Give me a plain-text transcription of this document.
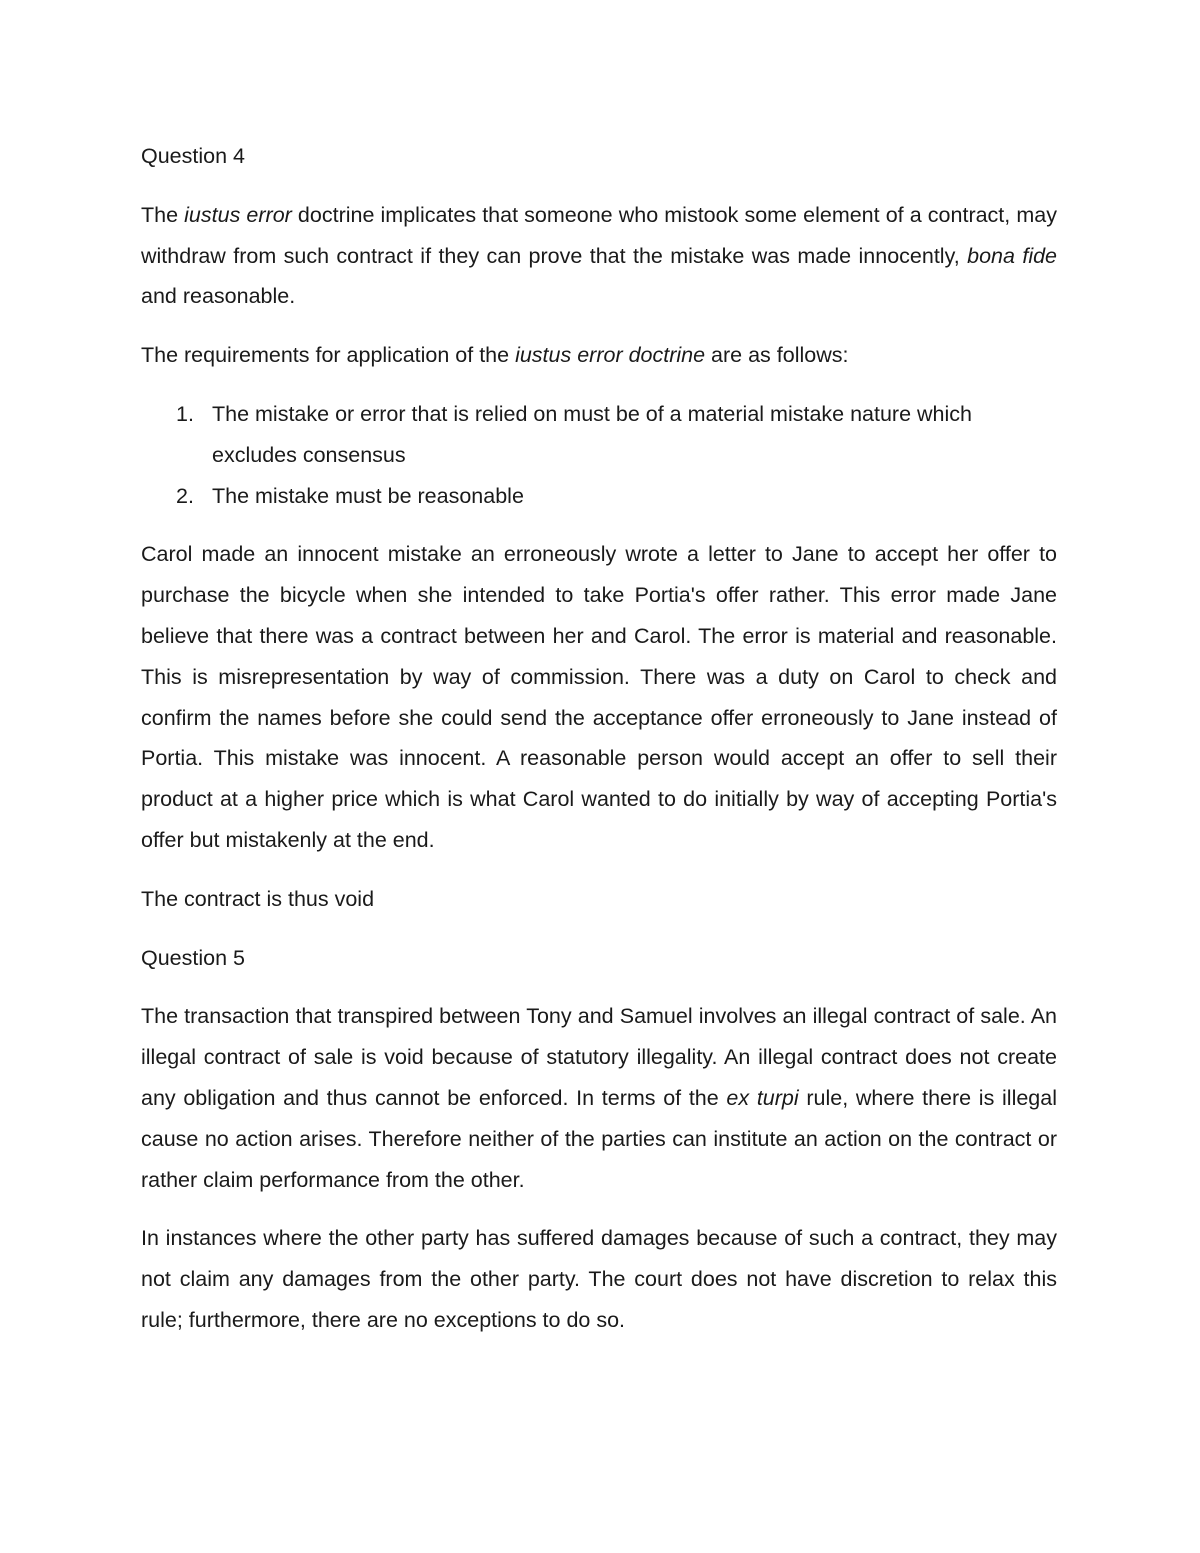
Question 4

The iustus error doctrine implicates that someone who mistook some element of a contract, may withdraw from such contract if they can prove that the mistake was made innocently, bona fide and reasonable.

The requirements for application of the iustus error doctrine are as follows:

1. The mistake or error that is relied on must be of a material mistake nature which excludes consensus
2. The mistake must be reasonable

Carol made an innocent mistake an erroneously wrote a letter to Jane to accept her offer to purchase the bicycle when she intended to take Portia's offer rather. This error made Jane believe that there was a contract between her and Carol. The error is material and reasonable. This is misrepresentation by way of commission. There was a duty on Carol to check and confirm the names before she could send the acceptance offer erroneously to Jane instead of Portia. This mistake was innocent. A reasonable person would accept an offer to sell their product at a higher price which is what Carol wanted to do initially by way of accepting Portia's offer but mistakenly at the end.

The contract is thus void

Question 5

The transaction that transpired between Tony and Samuel involves an illegal contract of sale. An illegal contract of sale is void because of statutory illegality. An illegal contract does not create any obligation and thus cannot be enforced. In terms of the ex turpi rule, where there is illegal cause no action arises. Therefore neither of the parties can institute an action on the contract or rather claim performance from the other.

In instances where the other party has suffered damages because of such a contract, they may not claim any damages from the other party. The court does not have discretion to relax this rule; furthermore, there are no exceptions to do so.
